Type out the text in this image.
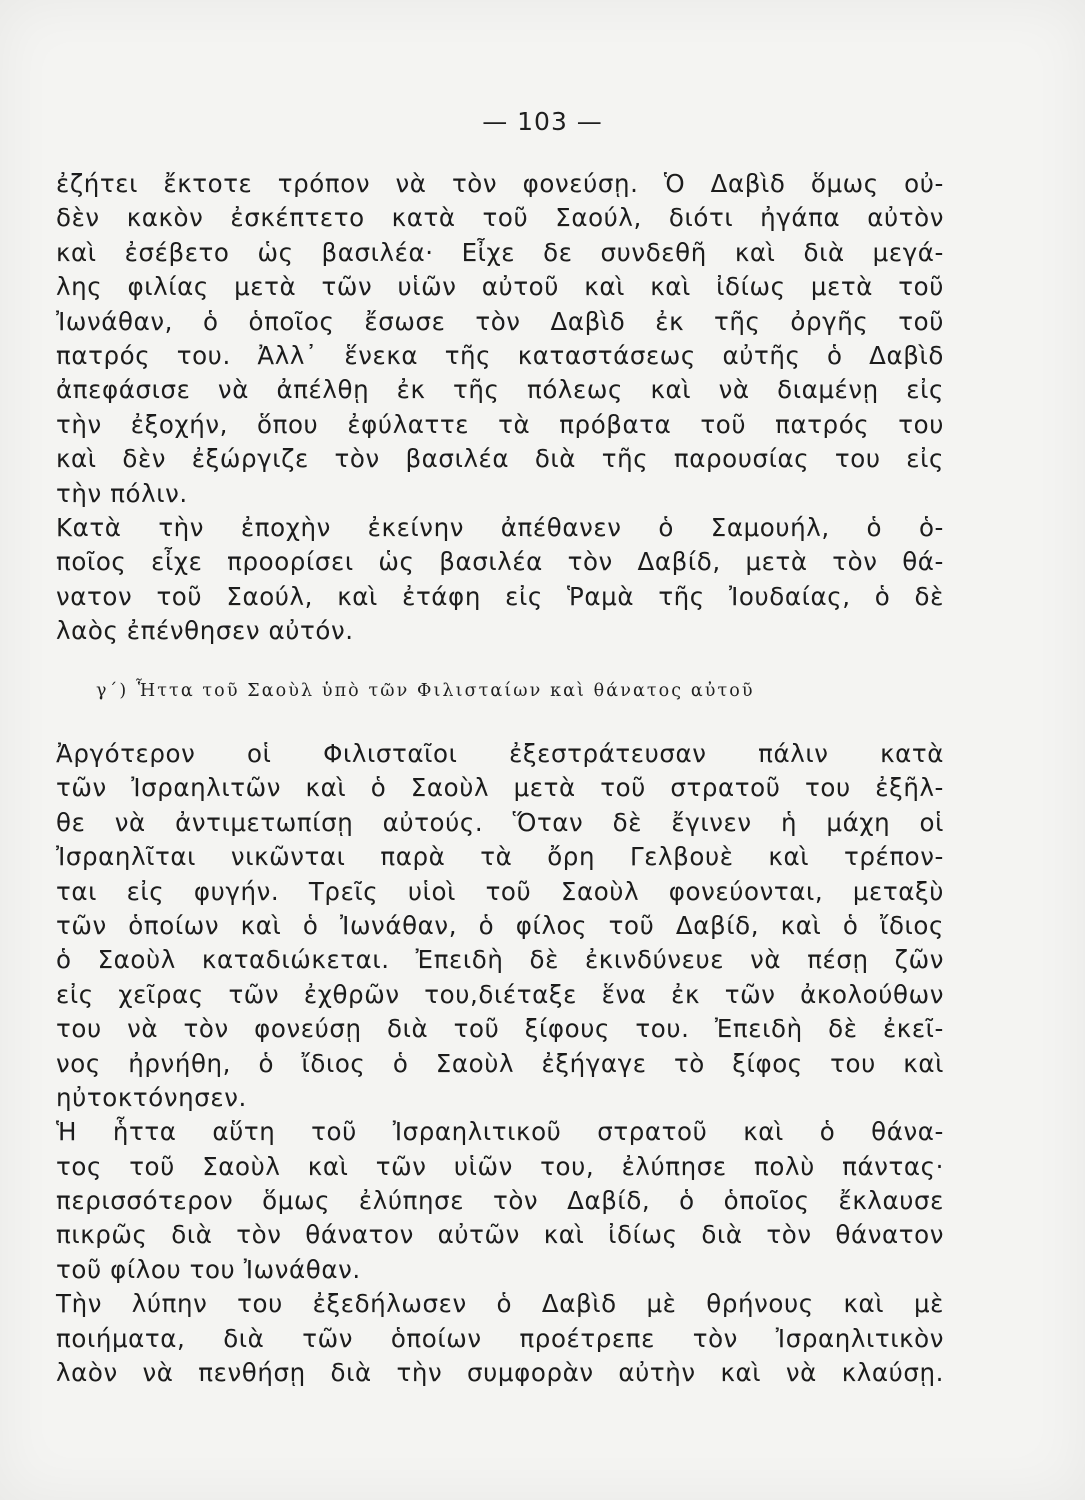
— 103 —
ἐζήτει ἔκτοτε τρόπον νὰ τὸν φονεύσῃ. Ὁ Δαβὶδ ὅμως οὐ-
δὲν κακὸν ἐσκέπτετο κατὰ τοῦ Σαούλ, διότι ἠγάπα αὐτὸν
καὶ ἐσέβετο ὡς βασιλέα· Εἶχε δε συνδεθῆ καὶ διὰ μεγά-
λης φιλίας μετὰ τῶν υἱῶν αὐτοῦ καὶ καὶ ἰδίως μετὰ τοῦ
Ἰωνάθαν, ὁ ὁποῖος ἔσωσε τὸν Δαβὶδ ἐκ τῆς ὀργῆς τοῦ
πατρός του. Ἀλλ᾿ ἕνεκα τῆς καταστάσεως αὐτῆς ὁ Δαβὶδ
ἀπεφάσισε νὰ ἀπέλθῃ ἐκ τῆς πόλεως καὶ νὰ διαμένῃ εἰς
τὴν ἐξοχήν, ὅπου ἐφύλαττε τὰ πρόβατα τοῦ πατρός του
καὶ δὲν ἐξώργιζε τὸν βασιλέα διὰ τῆς παρουσίας του εἰς
τὴν πόλιν.
Κατὰ τὴν ἐποχὴν ἐκείνην ἀπέθανεν ὁ Σαμουήλ, ὁ ὁ-
ποῖος εἶχε προορίσει ὡς βασιλέα τὸν Δαβίδ, μετὰ τὸν θά-
νατον τοῦ Σαούλ, καὶ ἐτάφη εἰς Ῥαμὰ τῆς Ἰουδαίας, ὁ δὲ
λαὸς ἐπένθησεν αὐτόν.
γ΄) Ἧττα τοῦ Σαοὺλ ὑπὸ τῶν Φιλισταίων καὶ θάνατος αὐτοῦ
Ἀργότερον οἱ Φιλισταῖοι ἐξεστράτευσαν πάλιν κατὰ
τῶν Ἰσραηλιτῶν καὶ ὁ Σαοὺλ μετὰ τοῦ στρατοῦ του ἐξῆλ-
θε νὰ ἀντιμετωπίσῃ αὐτούς. Ὅταν δὲ ἔγινεν ἡ μάχη οἱ
Ἰσραηλῖται νικῶνται παρὰ τὰ ὄρη Γελβουὲ καὶ τρέπον-
ται εἰς φυγήν. Τρεῖς υἱοὶ τοῦ Σαοὺλ φονεύονται, μεταξὺ
τῶν ὁποίων καὶ ὁ Ἰωνάθαν, ὁ φίλος τοῦ Δαβίδ, καὶ ὁ ἴδιος
ὁ Σαοὺλ καταδιώκεται. Ἐπειδὴ δὲ ἐκινδύνευε νὰ πέσῃ ζῶν
εἰς χεῖρας τῶν ἐχθρῶν του,διέταξε ἕνα ἐκ τῶν ἀκολούθων
του νὰ τὸν φονεύσῃ διὰ τοῦ ξίφους του. Ἐπειδὴ δὲ ἐκεῖ-
νος ἠρνήθη, ὁ ἴδιος ὁ Σαοὺλ ἐξήγαγε τὸ ξίφος του καὶ
ηὐτοκτόνησεν.
Ἡ ἧττα αὕτη τοῦ Ἰσραηλιτικοῦ στρατοῦ καὶ ὁ θάνα-
τος τοῦ Σαοὺλ καὶ τῶν υἱῶν του, ἐλύπησε πολὺ πάντας·
περισσότερον ὅμως ἐλύπησε τὸν Δαβίδ, ὁ ὁποῖος ἔκλαυσε
πικρῶς διὰ τὸν θάνατον αὐτῶν καὶ ἰδίως διὰ τὸν θάνατον
τοῦ φίλου του Ἰωνάθαν.
Τὴν λύπην του ἐξεδήλωσεν ὁ Δαβὶδ μὲ θρήνους καὶ μὲ
ποιήματα, διὰ τῶν ὁποίων προέτρεπε τὸν Ἰσραηλιτικὸν
λαὸν νὰ πενθήσῃ διὰ τὴν συμφορὰν αὐτὴν καὶ νὰ κλαύσῃ.
